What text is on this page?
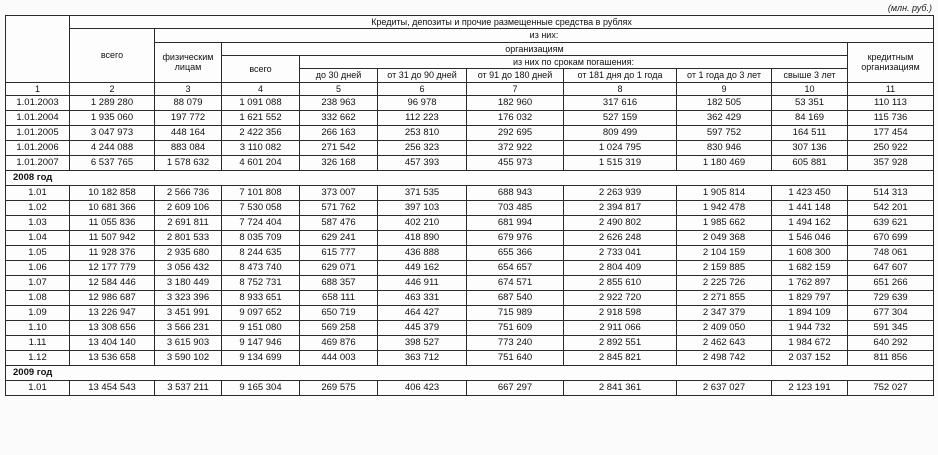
(млн. руб.)
	Кредиты, депозиты и прочие размещенные средства в рублях									
	всего	из них:								
		физическим лицам	организациям							кредитным организациям
			всего	из них по срокам погашения:						
				до 30 дней	от 31 до 90 дней	от 91 до 180 дней	от 181 дня до 1 года	от 1 года до 3 лет	свыше 3 лет	
1	2	3	4	5	6	7	8	9	10	11
1.01.2003	1 289 280	88 079	1 091 088	238 963	96 978	182 960	317 616	182 505	53 351	110 113
1.01.2004	1 935 060	197 772	1 621 552	332 662	112 223	176 032	527 159	362 429	84 169	115 736
1.01.2005	3 047 973	448 164	2 422 356	266 163	253 810	292 695	809 499	597 752	164 511	177 454
1.01.2006	4 244 088	883 084	3 110 082	271 542	256 323	372 922	1 024 795	830 946	307 136	250 922
1.01.2007	6 537 765	1 578 632	4 601 204	326 168	457 393	455 973	1 515 319	1 180 469	605 881	357 928
2008 год										
1.01	10 182 858	2 566 736	7 101 808	373 007	371 535	688 943	2 263 939	1 905 814	1 423 450	514 313
1.02	10 681 366	2 609 106	7 530 058	571 762	397 103	703 485	2 394 817	1 942 478	1 441 148	542 201
1.03	11 055 836	2 691 811	7 724 404	587 476	402 210	681 994	2 490 802	1 985 662	1 494 162	639 621
1.04	11 507 942	2 801 533	8 035 709	629 241	418 890	679 976	2 626 248	2 049 368	1 546 046	670 699
1.05	11 928 376	2 935 680	8 244 635	615 777	436 888	655 366	2 733 041	2 104 159	1 608 300	748 061
1.06	12 177 779	3 056 432	8 473 740	629 071	449 162	654 657	2 804 409	2 159 885	1 682 159	647 607
1.07	12 584 446	3 180 449	8 752 731	688 357	446 911	674 571	2 855 610	2 225 726	1 762 897	651 266
1.08	12 986 687	3 323 396	8 933 651	658 111	463 331	687 540	2 922 720	2 271 855	1 829 797	729 639
1.09	13 226 947	3 451 991	9 097 652	650 719	464 427	715 989	2 918 598	2 347 379	1 894 109	677 304
1.10	13 308 656	3 566 231	9 151 080	569 258	445 379	751 609	2 911 066	2 409 050	1 944 732	591 345
1.11	13 404 140	3 615 903	9 147 946	469 876	398 527	773 240	2 892 551	2 462 643	1 984 672	640 292
1.12	13 536 658	3 590 102	9 134 699	444 003	363 712	751 640	2 845 821	2 498 742	2 037 152	811 856
2009 год										
1.01	13 454 543	3 537 211	9 165 304	269 575	406 423	667 297	2 841 361	2 637 027	2 123 191	752 027
